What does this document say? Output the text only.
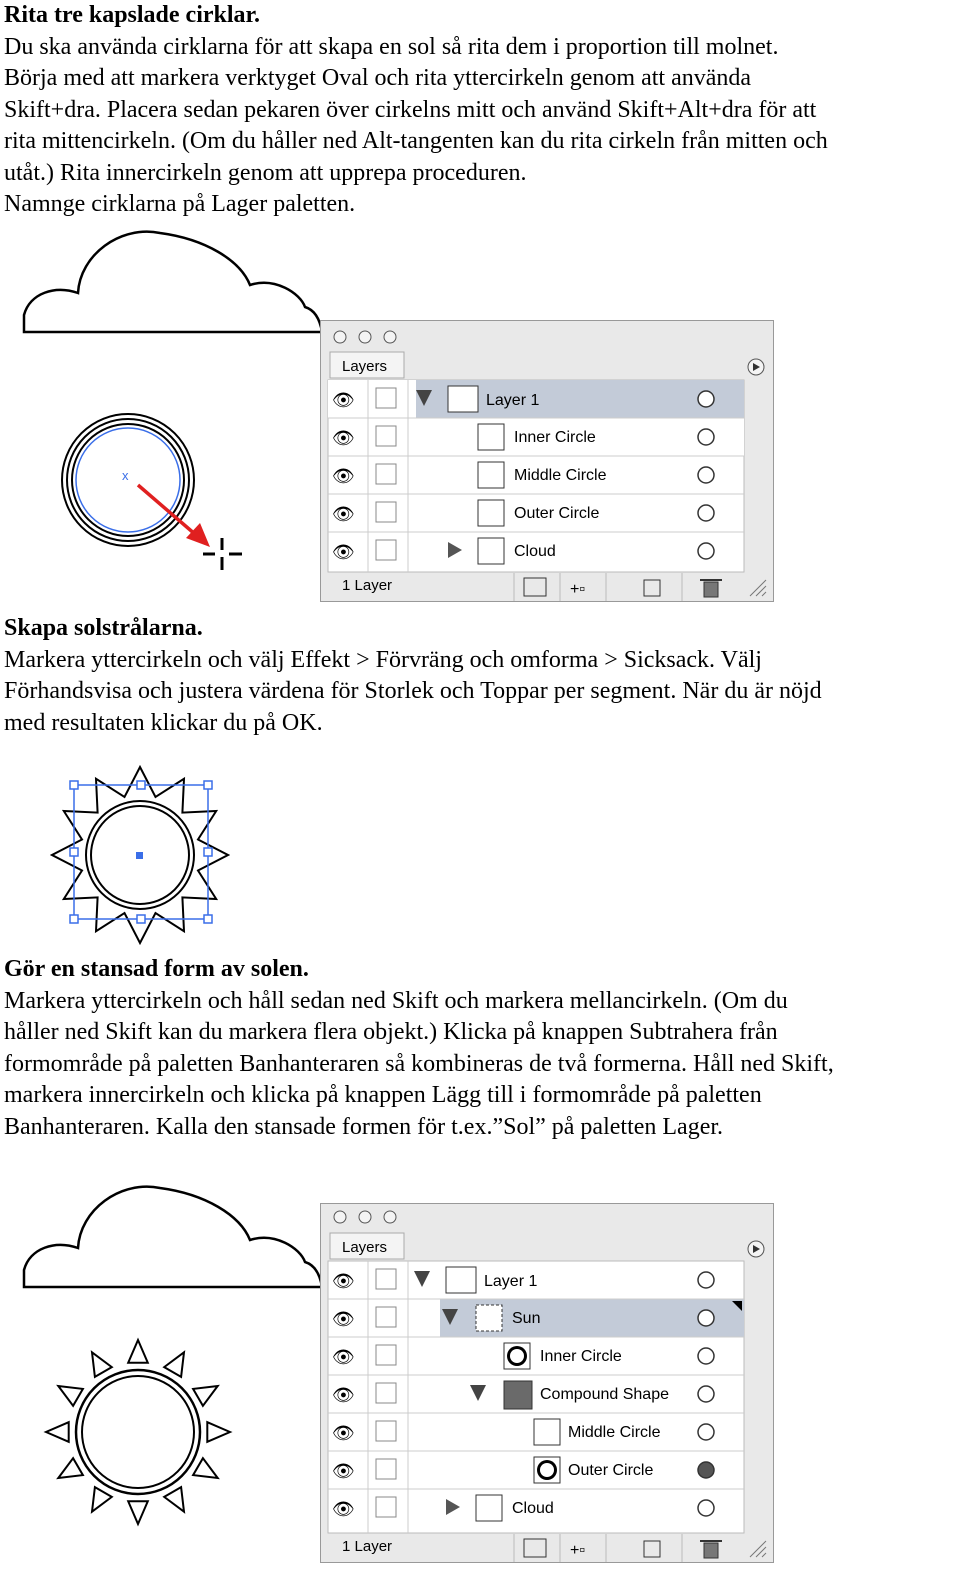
Rita tre kapslade cirklar.

Du ska använda cirklarna för att skapa en sol så rita dem i proportion till molnet.

Börja med att markera verktyget Oval och rita yttercirkeln genom att använda

Skift+dra. Placera sedan pekaren över cirkelns mitt och använd Skift+Alt+dra för att

rita mittencirkeln. (Om du håller ned Alt-tangenten kan du rita cirkeln från mitten och

utåt.) Rita innercirkeln genom att upprepa proceduren.

Namnge cirklarna på Lager paletten.

x
Layers
👁	Layer 1
👁	Inner Circle
👁	Middle Circle
👁	Outer Circle
👁	Cloud
1 Layer	+▫
Skapa solstrålarna.

Markera yttercirkeln och välj Effekt > Förvräng och omforma > Sicksack. Välj

Förhandsvisa och justera värdena för Storlek och Toppar per segment. När du är nöjd

med resultaten klickar du på OK.

Gör en stansad form av solen.

Markera yttercirkeln och håll sedan ned Skift och markera mellancirkeln. (Om du

håller ned Skift kan du markera flera objekt.) Klicka på knappen Subtrahera från

formområde på paletten Banhanteraren så kombineras de två formerna. Håll ned Skift,

markera innercirkeln och klicka på knappen Lägg till i formområde på paletten

Banhanteraren. Kalla den stansade formen för t.ex.”Sol” på paletten Lager.

Layers
👁	Layer 1
👁	Sun
👁	Inner Circle
👁	Compound Shape
👁	Middle Circle
👁	Outer Circle
👁	Cloud
1 Layer	+▫
